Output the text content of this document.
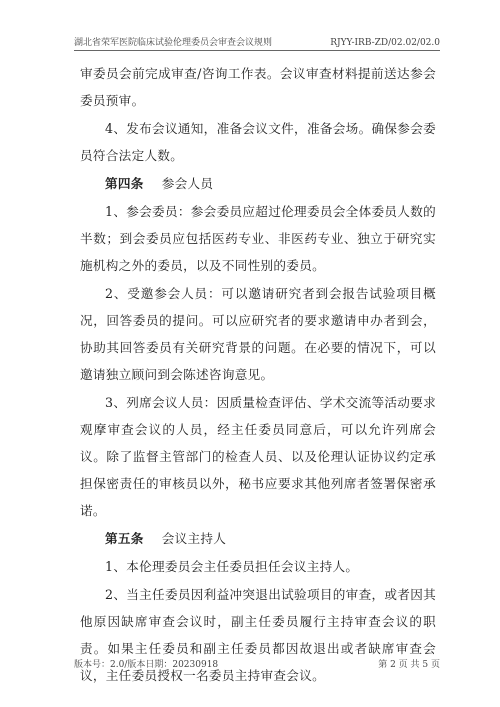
湖北省荣军医院临床试验伦理委员会审查会议规则	RJYY-IRB-ZD/02.02/02.0

审委员会前完成审查/咨询工作表。会议审查材料提前送达参会委员预审。

4、发布会议通知，准备会议文件，准备会场。确保参会委员符合法定人数。

第四条 参会人员

1、参会委员：参会委员应超过伦理委员会全体委员人数的半数；到会委员应包括医药专业、非医药专业、独立于研究实施机构之外的委员，以及不同性别的委员。

2、受邀参会人员：可以邀请研究者到会报告试验项目概况，回答委员的提问。可以应研究者的要求邀请申办者到会，协助其回答委员有关研究背景的问题。在必要的情况下，可以邀请独立顾问到会陈述咨询意见。

3、列席会议人员：因质量检查评估、学术交流等活动要求观摩审查会议的人员，经主任委员同意后，可以允许列席会议。除了监督主管部门的检查人员、以及伦理认证协议约定承担保密责任的审核员以外，秘书应要求其他列席者签署保密承诺。

第五条 会议主持人

1、本伦理委员会主任委员担任会议主持人。

2、当主任委员因利益冲突退出试验项目的审查，或者因其他原因缺席审查会议时，副主任委员履行主持审查会议的职责。如果主任委员和副主任委员都因故退出或者缺席审查会议，主任委员授权一名委员主持审查会议。

版本号：2.0/版本日期：20230918	第 2 页 共 5 页
